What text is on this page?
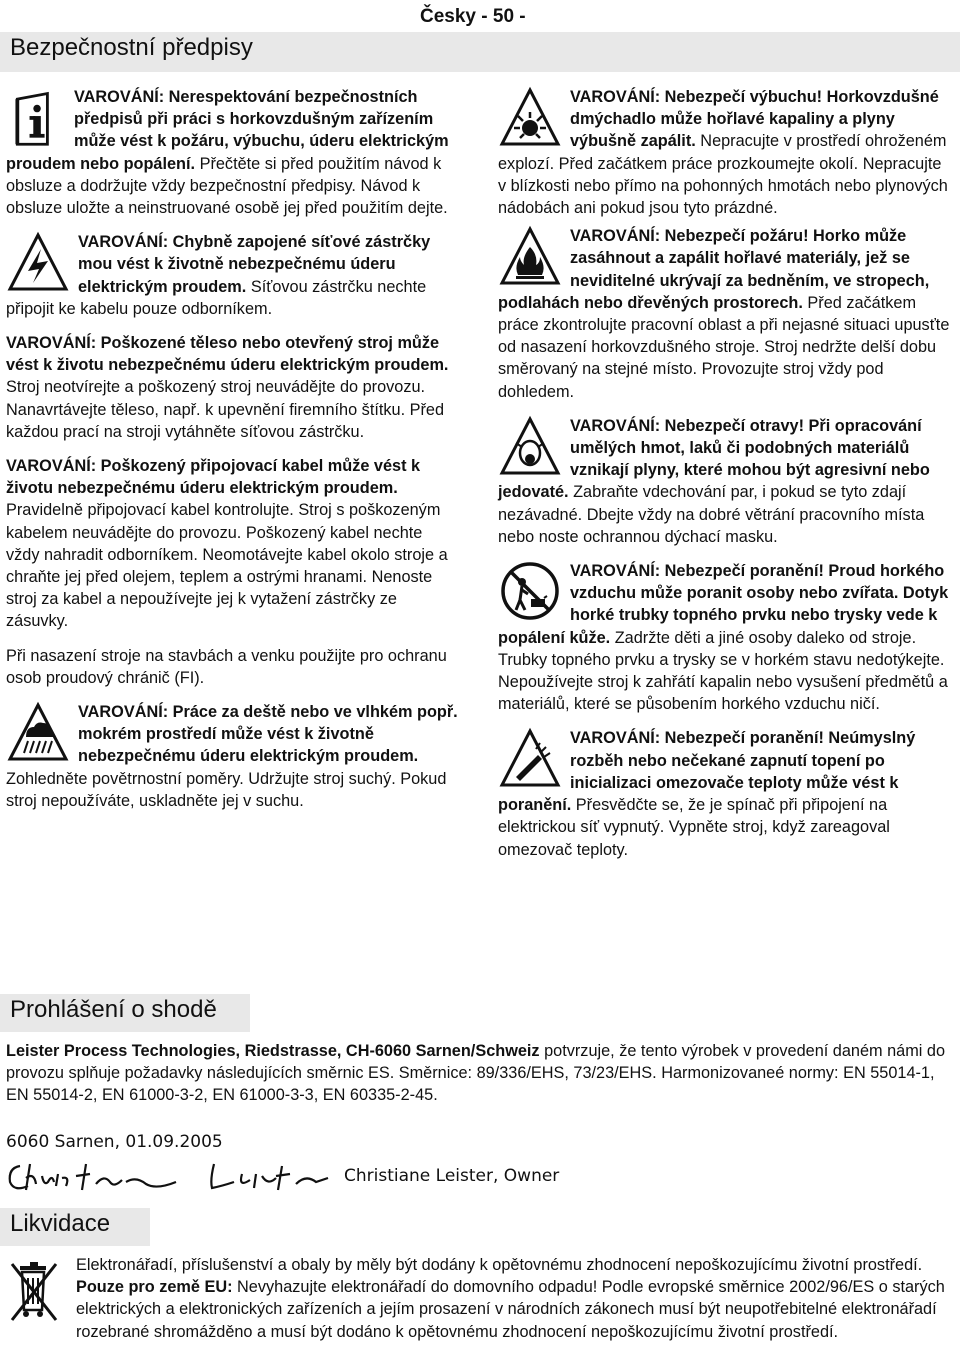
Česky - 50 -
Bezpečnostní předpisy

VAROVÁNÍ: Nerespektování bezpečnostních předpisů při práci s horkovzdušným zařízením může vést k požáru, výbuchu, úderu elektrickým proudem nebo popálení. Přečtěte si před použitím návod k obsluze a dodržujte vždy bezpečnostní předpisy. Návod k obsluze uložte a neinstruované osobě jej před použitím dejte.

VAROVÁNÍ: Chybně zapojené síťové zástrčky mou vést k životně nebezpečnému úderu elektrickým proudem. Síťovou zástrčku nechte připojit ke kabelu pouze odborníkem.

VAROVÁNÍ: Poškozené těleso nebo otevřený stroj může vést k životu nebezpečnému úderu elektrickým proudem. Stroj neotvírejte a poškozený stroj neuvádějte do provozu. Nanavrtávejte těleso, např. k upevnění firemního štítku. Před každou prací na stroji vytáhněte síťovou zástrčku.

VAROVÁNÍ: Poškozený připojovací kabel může vést k životu nebezpečnému úderu elektrickým proudem. Pravidelně připojovací kabel kontrolujte. Stroj s poškozeným kabelem neuvádějte do provozu. Poškozený kabel nechte vždy nahradit odborníkem. Neomotávejte kabel okolo stroje a chraňte jej před olejem, teplem a ostrými hranami. Nenoste stroj za kabel a nepoužívejte jej k vytažení zástrčky ze zásuvky.

Při nasazení stroje na stavbách a venku použijte pro ochranu osob proudový chránič (FI).

VAROVÁNÍ: Práce za deště nebo ve vlhkém popř. mokrém prostředí může vést k životně nebezpečnému úderu elektrickým proudem. Zohledněte povětrnostní poměry. Udržujte stroj suchý. Pokud stroj nepoužíváte, uskladněte jej v suchu.

VAROVÁNÍ: Nebezpečí výbuchu! Horkovzdušné dmýchadlo může hořlavé kapaliny a plyny výbušně zapálit. Nepracujte v prostředí ohroženém explozí. Před začátkem práce prozkoumejte okolí. Nepracujte v blízkosti nebo přímo na pohonných hmotách nebo plynových nádobách ani pokud jsou tyto prázdné.

VAROVÁNÍ: Nebezpečí požáru! Horko může zasáhnout a zapálit hořlavé materiály, jež se neviditelné ukrývají za bedněním, ve stropech, podlahách nebo dřevěných prostorech. Před začátkem práce zkontrolujte pracovní oblast a při nejasné situaci upusťte od nasazení horkovzdušného stroje. Stroj nedržte delší dobu směrovaný na stejné místo. Provozujte stroj vždy pod dohledem.

VAROVÁNÍ: Nebezpečí otravy! Při opracování umělých hmot, laků či podobných materiálů vznikají plyny, které mohou být agresivní nebo jedovaté. Zabraňte vdechování par, i pokud se tyto zdají nezávadné. Dbejte vždy na dobré větrání pracovního místa nebo noste ochrannou dýchací masku.

VAROVÁNÍ: Nebezpečí poranění! Proud horkého vzduchu může poranit osoby nebo zvířata. Dotyk horké trubky topného prvku nebo trysky vede k popálení kůže. Zadržte děti a jiné osoby daleko od stroje. Trubky topného prvku a trysky se v horkém stavu nedotýkejte. Nepoužívejte stroj k zahřátí kapalin nebo vysušení předmětů a materiálů, které se působením horkého vzduchu ničí.

VAROVÁNÍ: Nebezpečí poranění! Neúmyslný rozběh nebo nečekané zapnutí topení po inicializaci omezovače teploty může vést k poranění. Přesvědčte se, že je spínač při připojení na elektrickou síť vypnutý. Vypněte stroj, když zareagoval omezovač teploty.

Prohlášení o shodě
Leister Process Technologies, Riedstrasse, CH-6060 Sarnen/Schweiz potvrzuje, že tento výrobek v provedení daném námi do provozu splňuje požadavky následujících směrnic ES. Směrnice: 89/336/EHS, 73/23/EHS. Harmonizovaneé normy: EN 55014-1, EN 55014-2, EN 61000-3-2, EN 61000-3-3, EN 60335-2-45.
6060 Sarnen, 01.09.2005
Christiane Leister
Christiane Leister, Owner
Likvidace
Elektronářadí, příslušenství a obaly by měly být dodány k opětovnému zhodnocení nepoškozujícímu životní prostředí. Pouze pro země EU: Nevyhazujte elektronářadí do domovního odpadu! Podle evropské směrnice 2002/96/ES o starých elektrických a elektronických zařízeních a jejím prosazení v národních zákonech musí být neupotřebitelné elektronářadí rozebrané shromážděno a musí být dodáno k opětovnému zhodnocení nepoškozujícímu životní prostředí.
